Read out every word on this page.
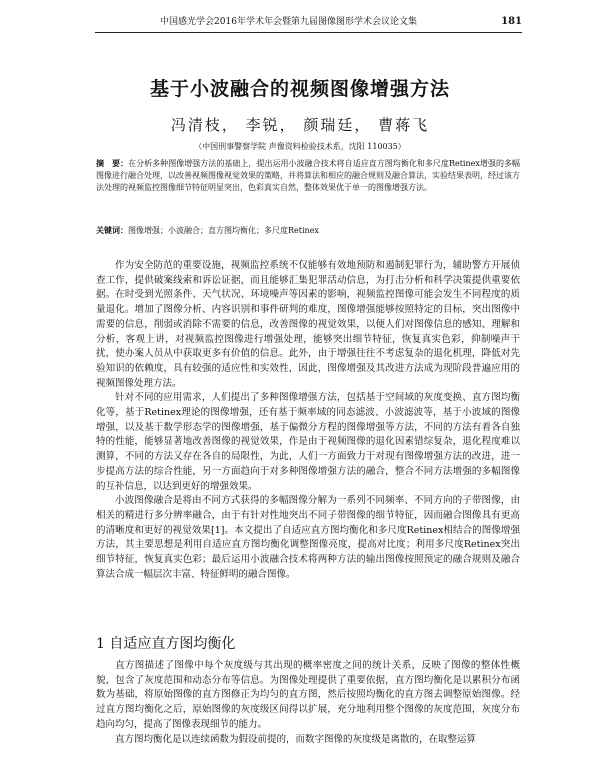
中国感光学会2016年学术年会暨第九届图像图形学术会议论文集	181
基于小波融合的视频图像增强方法
冯清枝， 李锐， 颜瑞廷， 曹蒋飞
（中国刑事警察学院 声像资料检验技术系，沈阳 110035）
摘　要：在分析多种图像增强方法的基础上，提出运用小波融合技术将自适应直方图均衡化和多尺度Retinex增强的多幅图像进行融合处理，以改善视频图像视觉效果的策略，并将算法和相应的融合规则及融合算法，实验结果表明，经过该方法处理的视频监控图像细节特征明显突出，色彩真实自然，整体效果优于单一的图像增强方法。
关键词：图像增强；小波融合；直方图均衡化；多尺度Retinex

作为安全防范的重要设施，视频监控系统不仅能够有效地预防和遏制犯罪行为，辅助警方开展侦查工作，提供破案线索和诉讼证据，而且能够汇集犯罪活动信息，为打击分析和科学决策提供重要依据。在时受到光照条件、天气状况、环境噪声等因素的影响，视频监控图像可能会发生不同程度的质量退化。增加了图像分析、内容识别和事件研判的难度，图像增强能够按照特定的目标，突出图像中需要的信息，削弱或消除不需要的信息，改善图像的视觉效果，以便人们对图像信息的感知、理解和分析，客观上讲，对视频监控图像进行增强处理，能够突出细节特征，恢复真实色彩，抑制噪声干扰，使办案人员从中获取更多有价值的信息。此外，由于增强往往不考虑复杂的退化机理，降低对先验知识的依赖度，具有较强的适应性和实效性，因此，图像增强及其改进方法成为现阶段普遍应用的视频图像处理方法。

针对不同的应用需求，人们提出了多种图像增强方法，包括基于空间域的灰度变换、直方图均衡化等，基于Retinex理论的图像增强，还有基于频率域的同态滤波、小波滤波等，基于小波域的图像增强，以及基于数学形态学的图像增强，基于偏微分方程的图像增强等方法，不同的方法有着各自独特的性能，能够显著地改善图像的视觉效果，作是由于视频图像的退化因素错综复杂，退化程度难以测算，不同的方法又存在各自的局限性，为此，人们一方面致力于对现有图像增强方法的改进，进一步提高方法的综合性能，另一方面趋向于对多种图像增强方法的融合，整合不同方法增强的多幅图像的互补信息，以达到更好的增强效果。

小波图像融合是将由不同方式获得的多幅图像分解为一系列不同频率、不同方向的子带图像，由相关的精进行多分辨率融合，由于有针对性地突出不同子带图像的细节特征，因而融合图像具有更高的清晰度和更好的视觉效果[1]。本文提出了自适应直方图均衡化和多尺度Retinex相结合的图像增强方法，其主要思想是利用自适应直方图均衡化调整图像亮度，提高对比度；利用多尺度Retinex突出细节特征，恢复真实色彩；最后运用小波融合技术将两种方法的输出图像按照预定的融合规则及融合算法合成一幅层次丰富、特征鲜明的融合图像。

1 自适应直方图均衡化

直方图描述了图像中每个灰度级与其出现的概率密度之间的统计关系，反映了图像的整体性概貌，包含了灰度范围和动态分布等信息。为图像处理提供了重要依据，直方图均衡化是以累积分布函数为基础，将原始图像的直方图修正为均匀的直方图，然后按照均衡化的直方图去调整原始图像。经过直方图均衡化之后，原始图像的灰度级区间得以扩展，充分地利用整个图像的灰度范围，灰度分布趋向均匀，提高了图像表现细节的能力。

直方图均衡化是以连续函数为假设前提的，而数字图像的灰度级是离散的，在取整运算
